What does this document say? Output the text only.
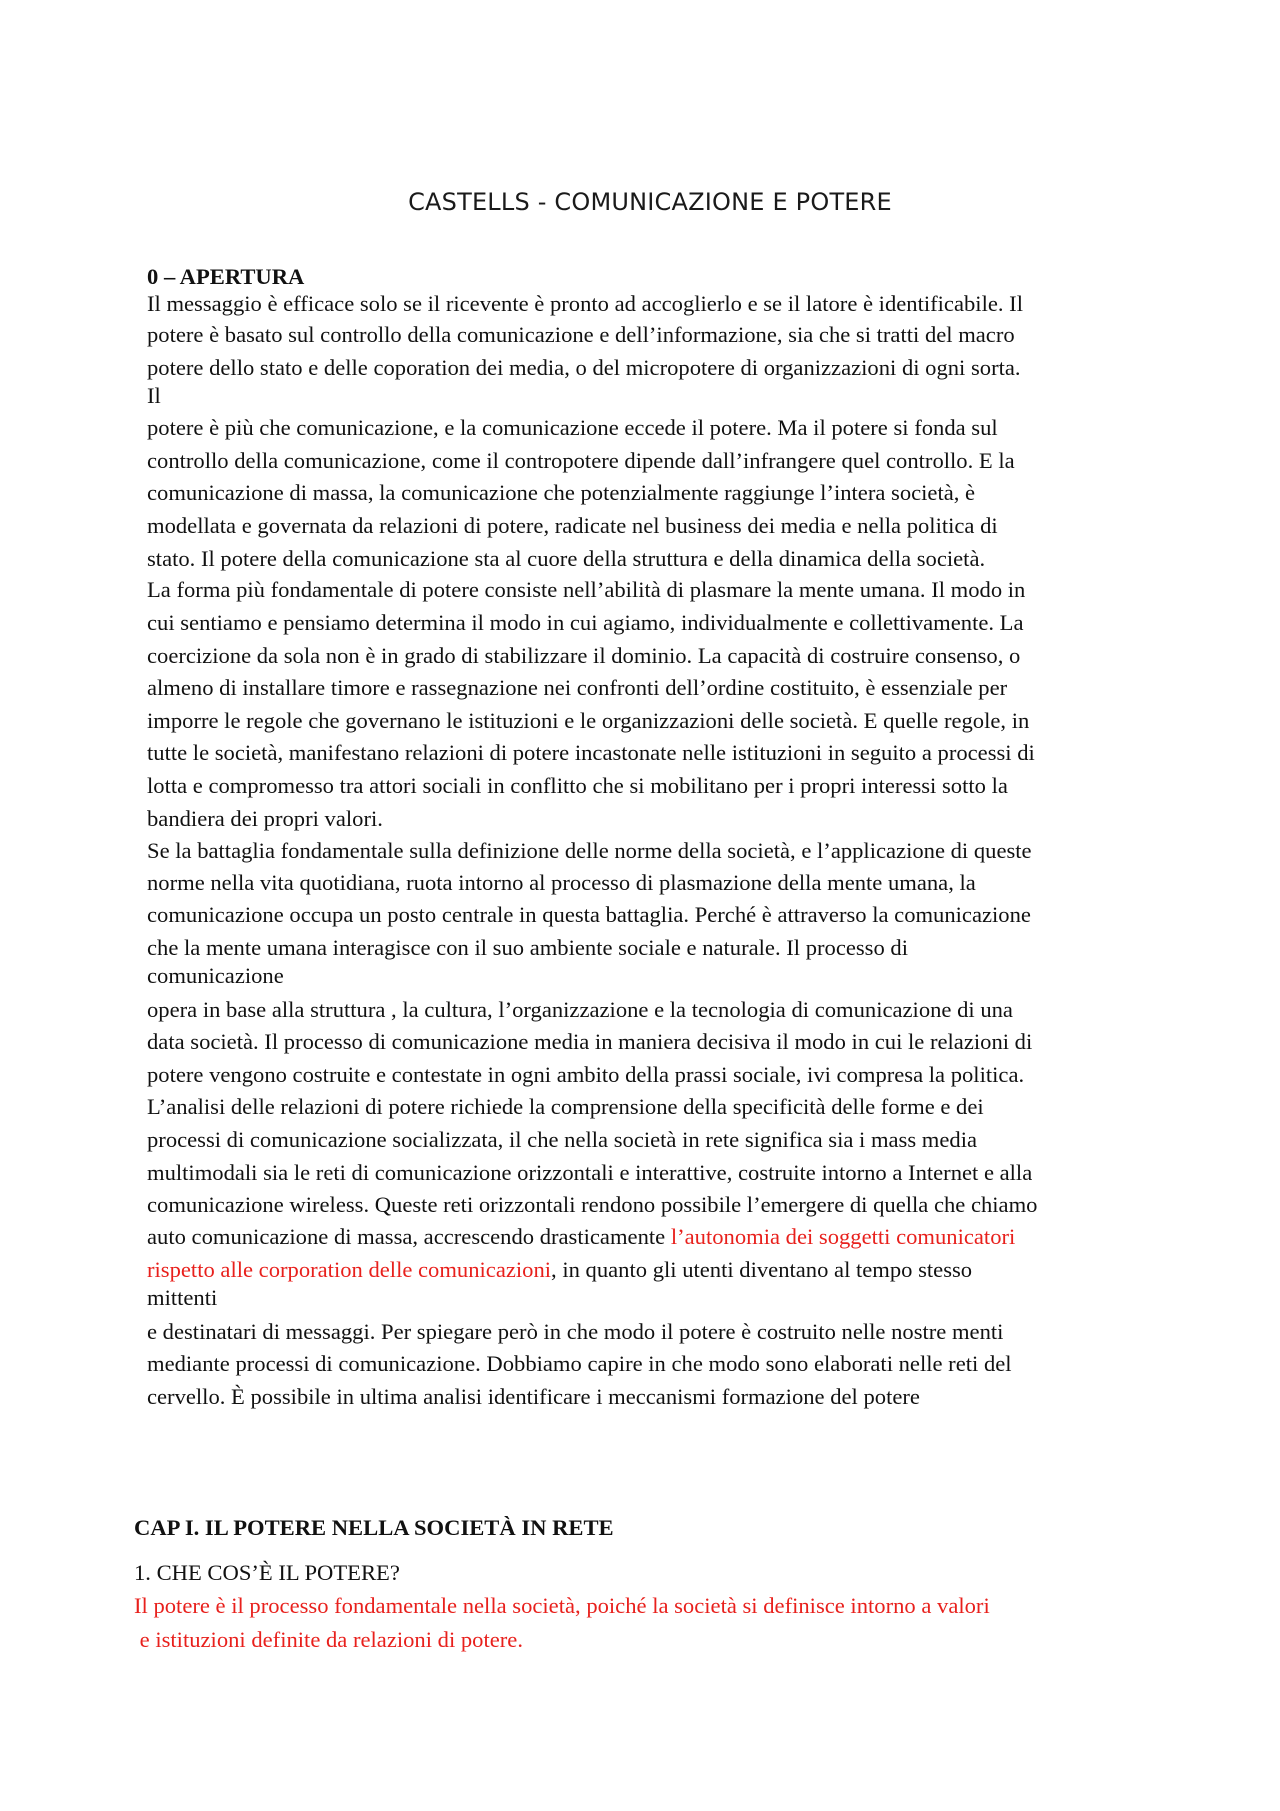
CASTELLS - COMUNICAZIONE E POTERE
0 – APERTURA
Il messaggio è efficace solo se il ricevente è pronto ad accoglierlo e se il latore è identificabile. Il
potere è basato sul controllo della comunicazione e dell’informazione, sia che si tratti del macro
potere dello stato e delle coporation dei media, o del micropotere di organizzazioni di ogni sorta.
Il
potere è più che comunicazione, e la comunicazione eccede il potere. Ma il potere si fonda sul
controllo della comunicazione, come il contropotere dipende dall’infrangere quel controllo. E la
comunicazione di massa, la comunicazione che potenzialmente raggiunge l’intera società, è
modellata e governata da relazioni di potere, radicate nel business dei media e nella politica di
stato. Il potere della comunicazione sta al cuore della struttura e della dinamica della società.
La forma più fondamentale di potere consiste nell’abilità di plasmare la mente umana. Il modo in
cui sentiamo e pensiamo determina il modo in cui agiamo, individualmente e collettivamente. La
coercizione da sola non è in grado di stabilizzare il dominio. La capacità di costruire consenso, o
almeno di installare timore e rassegnazione nei confronti dell’ordine costituito, è essenziale per
imporre le regole che governano le istituzioni e le organizzazioni delle società. E quelle regole, in
tutte le società, manifestano relazioni di potere incastonate nelle istituzioni in seguito a processi di
lotta e compromesso tra attori sociali in conflitto che si mobilitano per i propri interessi sotto la
bandiera dei propri valori.
Se la battaglia fondamentale sulla definizione delle norme della società, e l’applicazione di queste
norme nella vita quotidiana, ruota intorno al processo di plasmazione della mente umana, la
comunicazione occupa un posto centrale in questa battaglia. Perché è attraverso la comunicazione
che la mente umana interagisce con il suo ambiente sociale e naturale. Il processo di
comunicazione
opera in base alla struttura , la cultura, l’organizzazione e la tecnologia di comunicazione di una
data società. Il processo di comunicazione media in maniera decisiva il modo in cui le relazioni di
potere vengono costruite e contestate in ogni ambito della prassi sociale, ivi compresa la politica.
L’analisi delle relazioni di potere richiede la comprensione della specificità delle forme e dei
processi di comunicazione socializzata, il che nella società in rete significa sia i mass media
multimodali sia le reti di comunicazione orizzontali e interattive, costruite intorno a Internet e alla
comunicazione wireless. Queste reti orizzontali rendono possibile l’emergere di quella che chiamo
auto comunicazione di massa, accrescendo drasticamente l’autonomia dei soggetti comunicatori
rispetto alle corporation delle comunicazioni, in quanto gli utenti diventano al tempo stesso
mittenti
e destinatari di messaggi. Per spiegare però in che modo il potere è costruito nelle nostre menti
mediante processi di comunicazione. Dobbiamo capire in che modo sono elaborati nelle reti del
cervello. È possibile in ultima analisi identificare i meccanismi formazione del potere
CAP I. IL POTERE NELLA SOCIETÀ IN RETE
1. CHE COS’È IL POTERE?
Il potere è il processo fondamentale nella società, poiché la società si definisce intorno a valori
e istituzioni definite da relazioni di potere.
